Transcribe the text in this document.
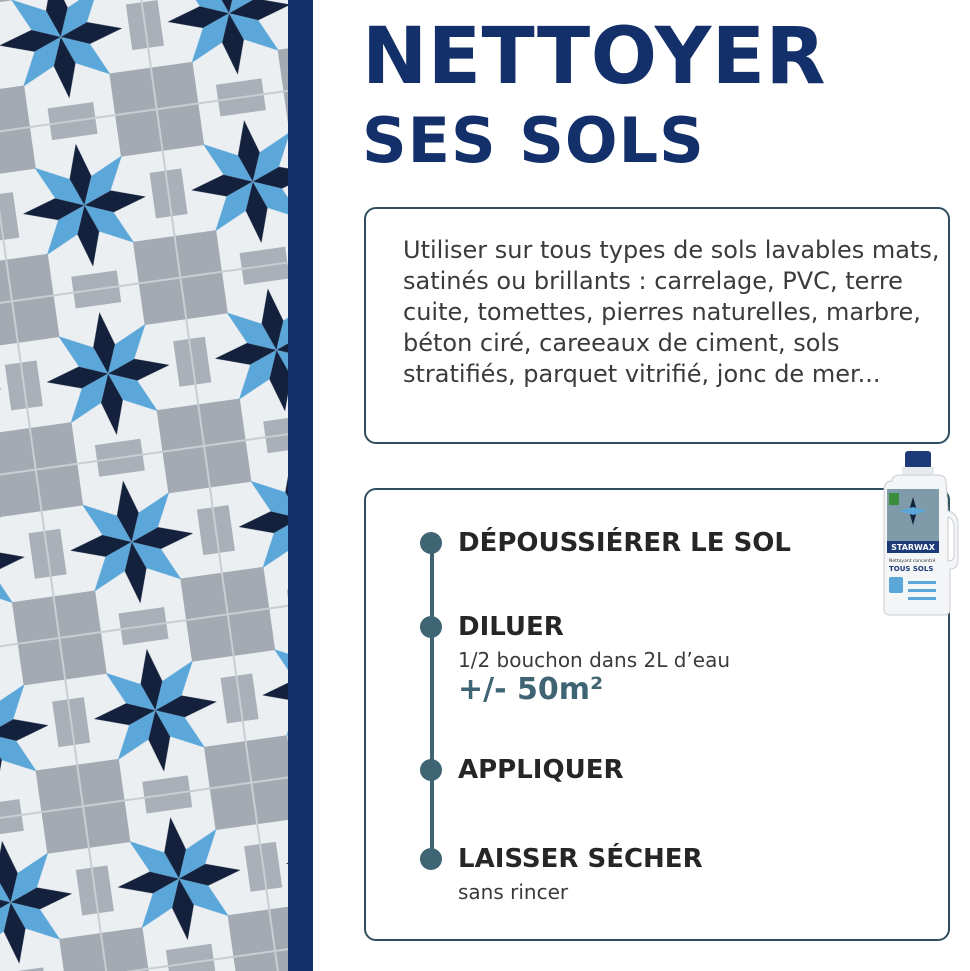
NETTOYER
SES SOLS

Utiliser sur tous types de sols lavables mats, satinés ou brillants : carrelage, PVC, terre cuite, tomettes, pierres naturelles, marbre, béton ciré, careeaux de ciment, sols stratifiés, parquet vitrifié, jonc de mer...

DÉPOUSSIÉRER LE SOL
DILUER
1/2 bouchon dans 2L d’eau
+/- 50m²
APPLIQUER
LAISSER SÉCHER
sans rincer
STARWAX
Nettoyant concentré
TOUS SOLS
